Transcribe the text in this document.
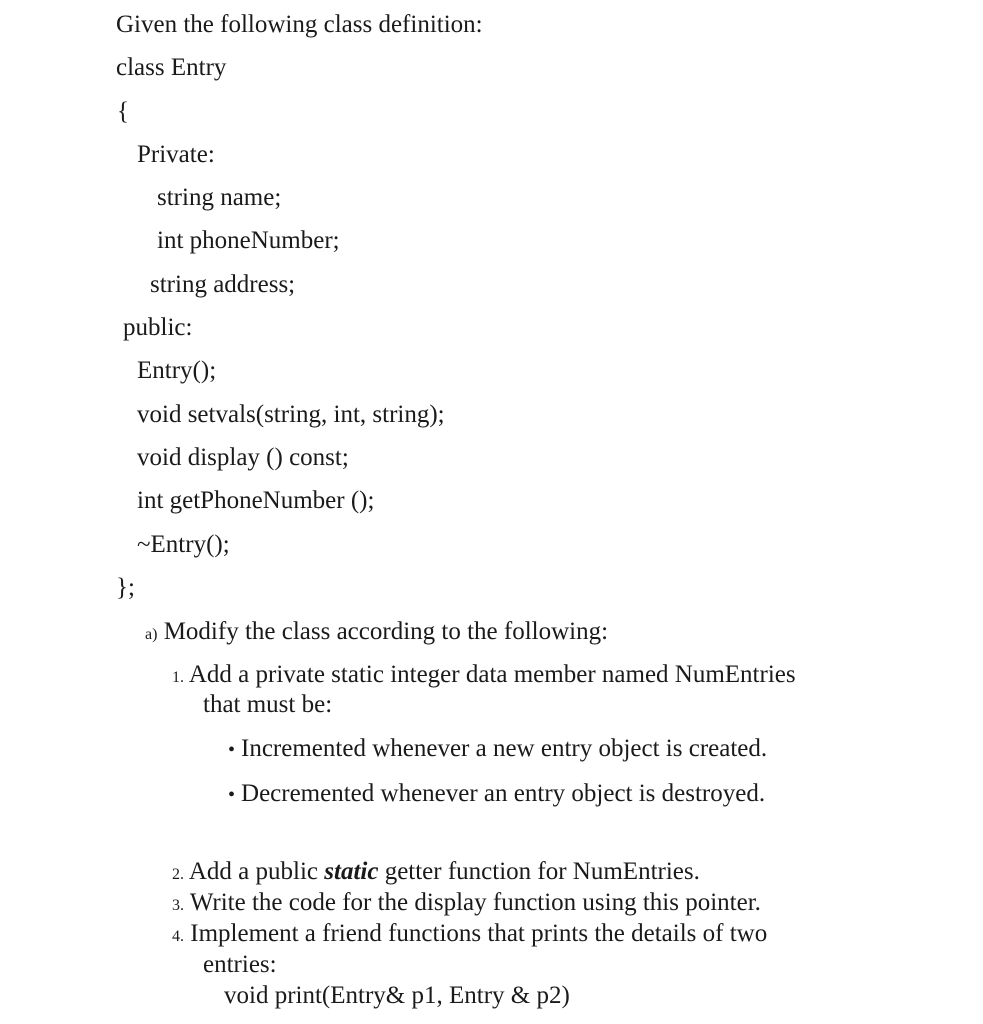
Given the following class definition:
class Entry
{
Private:
string name;
int phoneNumber;
string address;
public:
Entry();
void setvals(string, int, string);
void display () const;
int getPhoneNumber ();
~Entry();
};
a) Modify the class according to the following:
1. Add a private static integer data member named NumEntries
that must be:
• Incremented whenever a new entry object is created.
• Decremented whenever an entry object is destroyed.
2. Add a public static getter function for NumEntries.
3. Write the code for the display function using this pointer.
4. Implement a friend functions that prints the details of two
entries:
void print(Entry& p1, Entry & p2)
